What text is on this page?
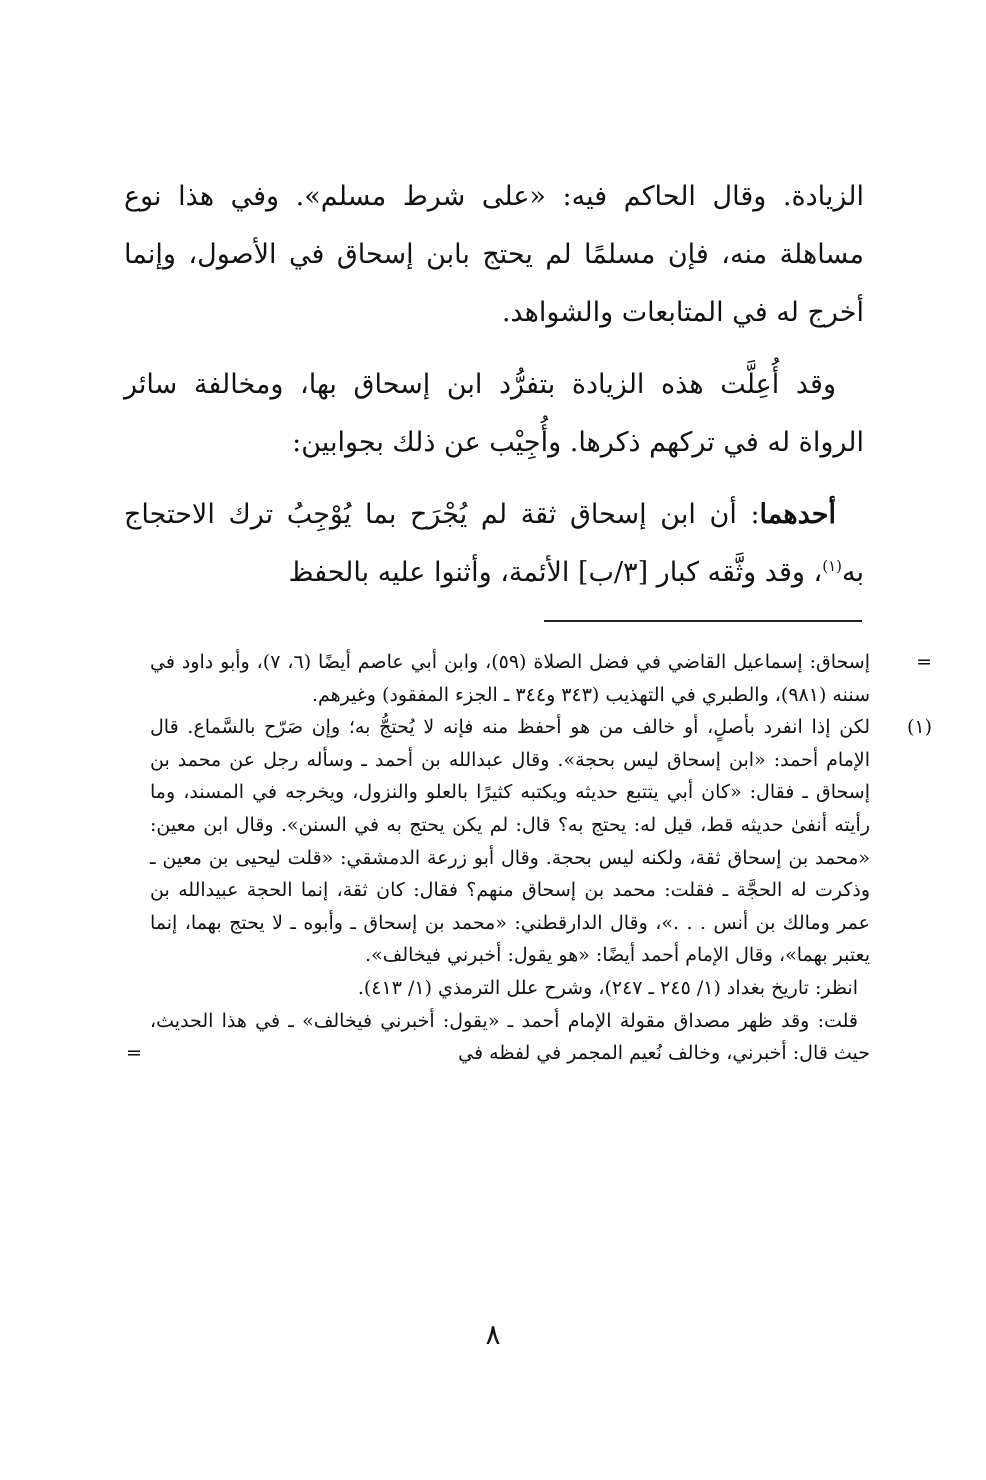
الزيادة. وقال الحاكم فيه: «على شرط مسلم». وفي هذا نوع مساهلة منه، فإن مسلمًا لم يحتج بابن إسحاق في الأصول، وإنما أخرج له في المتابعات والشواهد.

وقد أُعِلَّت هذه الزيادة بتفرُّد ابن إسحاق بها، ومخالفة سائر الرواة له في تركهم ذكرها. وأُجِيْب عن ذلك بجوابين:

أحدهما: أن ابن إسحاق ثقة لم يُجْرَح بما يُوْجِبُ ترك الاحتجاج به$^{(١)}$، وقد وثَّقه كبار [٣/ب] الأئمة، وأثنوا عليه بالحفظ

=
إسحاق: إسماعيل القاضي في فضل الصلاة (٥٩)، وابن أبي عاصم أيضًا (٦، ٧)، وأبو داود في سننه (٩٨١)، والطبري في التهذيب (٣٤٣ و٣٤٤ ـ الجزء المفقود) وغيرهم.
(١)
لكن إذا انفرد بأصلٍ، أو خالف من هو أحفظ منه فإنه لا يُحتجُّ به؛ وإن صَرّح بالسَّماع. قال الإمام أحمد: «ابن إسحاق ليس بحجة». وقال عبدالله بن أحمد ـ وسأله رجل عن محمد بن إسحاق ـ فقال: «كان أبي يتتبع حديثه ويكتبه كثيرًا بالعلو والنزول، ويخرجه في المسند، وما رأيته أنفىٰ حديثه قط، قيل له: يحتج به؟ قال: لم يكن يحتج به في السنن». وقال ابن معين: «محمد بن إسحاق ثقة، ولكنه ليس بحجة. وقال أبو زرعة الدمشقي: «قلت ليحيى بن معين ـ وذكرت له الحجَّة ـ فقلت: محمد بن إسحاق منهم؟ فقال: كان ثقة، إنما الحجة عبيدالله بن عمر ومالك بن أنس . . .»، وقال الدارقطني: «محمد بن إسحاق ـ وأبوه ـ لا يحتج بهما، إنما يعتبر بهما»، وقال الإمام أحمد أيضًا: «هو يقول: أخبرني فيخالف».
انظر: تاريخ بغداد (١/ ٢٤٥ ـ ٢٤٧)، وشرح علل الترمذي (١/ ٤١٣).
قلت: وقد ظهر مصداق مقولة الإمام أحمد ـ «يقول: أخبرني فيخالف» ـ في هذا الحديث، حيث قال: أخبرني، وخالف نُعيم المجمر في لفظه في
=
٨
